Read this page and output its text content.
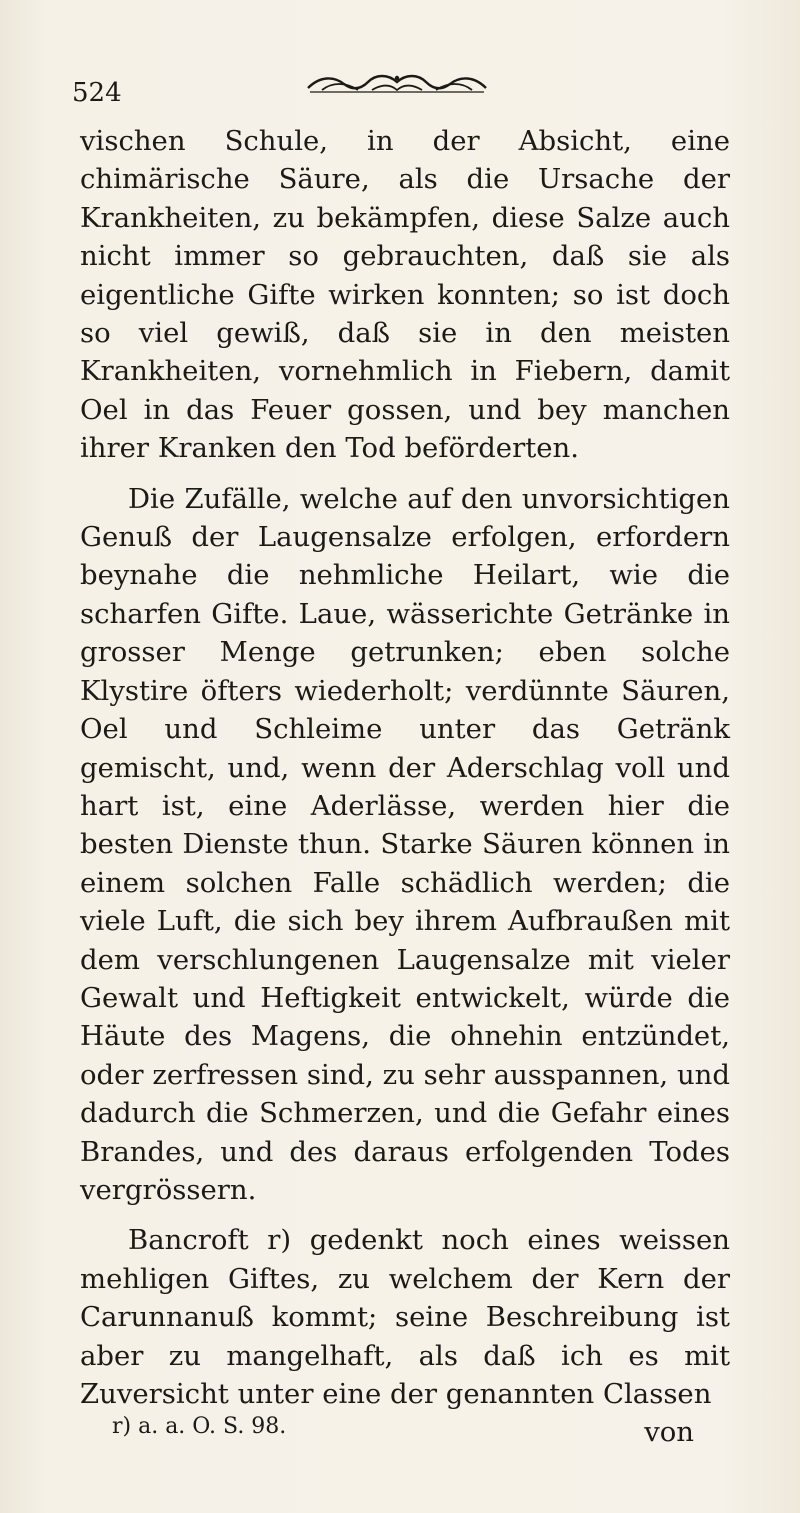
524

vischen Schule, in der Absicht, eine chimärische Säure, als die Ursache der Krankheiten, zu bekämpfen, diese Salze auch nicht immer so gebrauchten, daß sie als eigentliche Gifte wirken konnten; so ist doch so viel gewiß, daß sie in den meisten Krankheiten, vornehmlich in Fiebern, damit Oel in das Feuer gossen, und bey manchen ihrer Kranken den Tod beförderten.

Die Zufälle, welche auf den unvorsichtigen Genuß der Laugensalze erfolgen, erfordern beynahe die nehmliche Heilart, wie die scharfen Gifte. Laue, wässerichte Getränke in grosser Menge getrunken; eben solche Klystire öfters wiederholt; verdünnte Säuren, Oel und Schleime unter das Getränk gemischt, und, wenn der Aderschlag voll und hart ist, eine Aderlässe, werden hier die besten Dienste thun. Starke Säuren können in einem solchen Falle schädlich werden; die viele Luft, die sich bey ihrem Aufbraußen mit dem verschlungenen Laugensalze mit vieler Gewalt und Heftigkeit entwickelt, würde die Häute des Magens, die ohnehin entzündet, oder zerfressen sind, zu sehr ausspannen, und dadurch die Schmerzen, und die Gefahr eines Brandes, und des daraus erfolgenden Todes vergrössern.

Bancroft r) gedenkt noch eines weissen mehligen Giftes, zu welchem der Kern der Carunnanuß kommt; seine Beschreibung ist aber zu mangelhaft, als daß ich es mit Zuversicht unter eine der genannten Classen

von

r) a. a. O. S. 98.
